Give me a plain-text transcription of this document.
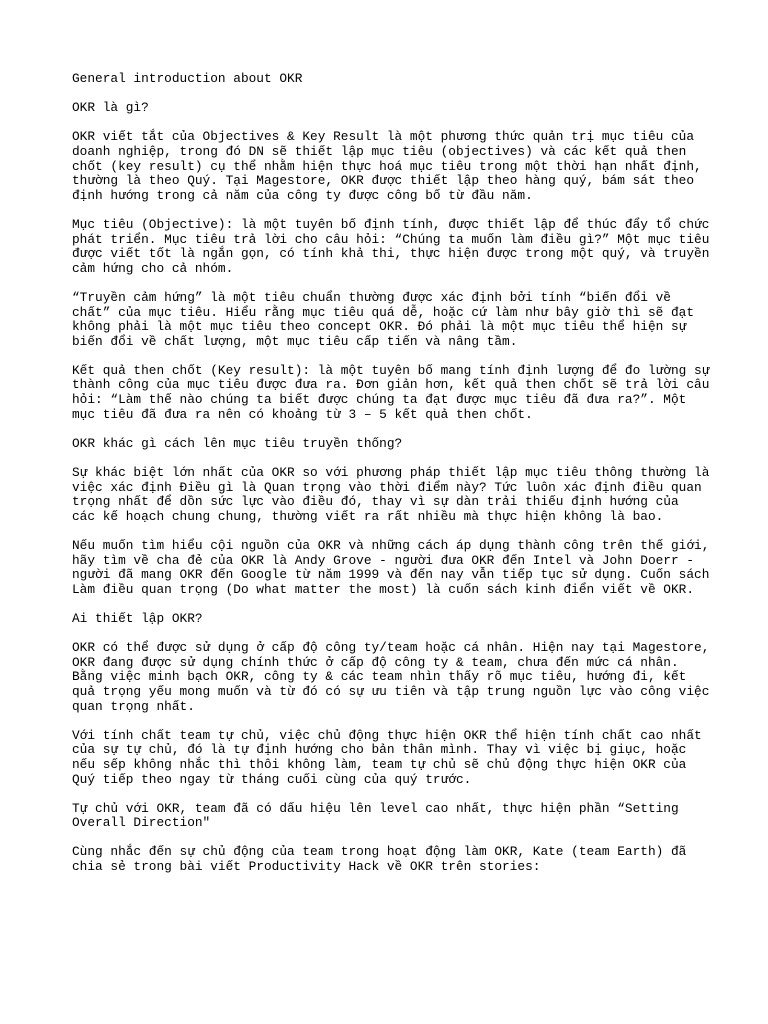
General introduction about OKR

OKR là gì?

OKR viết tắt của Objectives & Key Result là một phương thức quản trị mục tiêu của
doanh nghiệp, trong đó DN sẽ thiết lập mục tiêu (objectives) và các kết quả then
chốt (key result) cụ thể nhằm hiện thực hoá mục tiêu trong một thời hạn nhất định,
thường là theo Quý. Tại Magestore, OKR được thiết lập theo hàng quý, bám sát theo
định hướng trong cả năm của công ty được công bố từ đầu năm.

Mục tiêu (Objective): là một tuyên bố định tính, được thiết lập để thúc đẩy tổ chức
phát triển. Mục tiêu trả lời cho câu hỏi: “Chúng ta muốn làm điều gì?” Một mục tiêu
được viết tốt là ngắn gọn, có tính khả thi, thực hiện được trong một quý, và truyền
cảm hứng cho cả nhóm.

“Truyền cảm hứng” là một tiêu chuẩn thường được xác định bởi tính “biến đổi về
chất” của mục tiêu. Hiểu rằng mục tiêu quá dễ, hoặc cứ làm như bây giờ thì sẽ đạt
không phải là một mục tiêu theo concept OKR. Đó phải là một mục tiêu thể hiện sự
biến đổi về chất lượng, một mục tiêu cấp tiến và nâng tầm.

Kết quả then chốt (Key result): là một tuyên bố mang tính định lượng để đo lường sự
thành công của mục tiêu được đưa ra. Đơn giản hơn, kết quả then chốt sẽ trả lời câu
hỏi: “Làm thế nào chúng ta biết được chúng ta đạt được mục tiêu đã đưa ra?”. Một
mục tiêu đã đưa ra nên có khoảng từ 3 – 5 kết quả then chốt.

OKR khác gì cách lên mục tiêu truyền thống?

Sự khác biệt lớn nhất của OKR so với phương pháp thiết lập mục tiêu thông thường là
việc xác định Điều gì là Quan trọng vào thời điểm này? Tức luôn xác định điều quan
trọng nhất để dồn sức lực vào điều đó, thay vì sự dàn trải thiếu định hướng của
các kế hoạch chung chung, thường viết ra rất nhiều mà thực hiện không là bao.

Nếu muốn tìm hiểu cội nguồn của OKR và những cách áp dụng thành công trên thế giới,
hãy tìm về cha đẻ của OKR là Andy Grove - người đưa OKR đến Intel và John Doerr -
người đã mang OKR đến Google từ năm 1999 và đến nay vẫn tiếp tục sử dụng. Cuốn sách
Làm điều quan trọng (Do what matter the most) là cuốn sách kinh điển viết về OKR.

Ai thiết lập OKR?

OKR có thể được sử dụng ở cấp độ công ty/team hoặc cá nhân. Hiện nay tại Magestore,
OKR đang được sử dụng chính thức ở cấp độ công ty & team, chưa đến mức cá nhân.
Bằng việc minh bạch OKR, công ty & các team nhìn thấy rõ mục tiêu, hướng đi, kết
quả trọng yếu mong muốn và từ đó có sự ưu tiên và tập trung nguồn lực vào công việc
quan trọng nhất.

Với tính chất team tự chủ, việc chủ động thực hiện OKR thể hiện tính chất cao nhất
của sự tự chủ, đó là tự định hướng cho bản thân mình. Thay vì việc bị giục, hoặc
nếu sếp không nhắc thì thôi không làm, team tự chủ sẽ chủ động thực hiện OKR của
Quý tiếp theo ngay từ tháng cuối cùng của quý trước.

Tự chủ với OKR, team đã có dấu hiệu lên level cao nhất, thực hiện phần “Setting
Overall Direction"

Cùng nhắc đến sự chủ động của team trong hoạt động làm OKR, Kate (team Earth) đã
chia sẻ trong bài viết Productivity Hack về OKR trên stories:
